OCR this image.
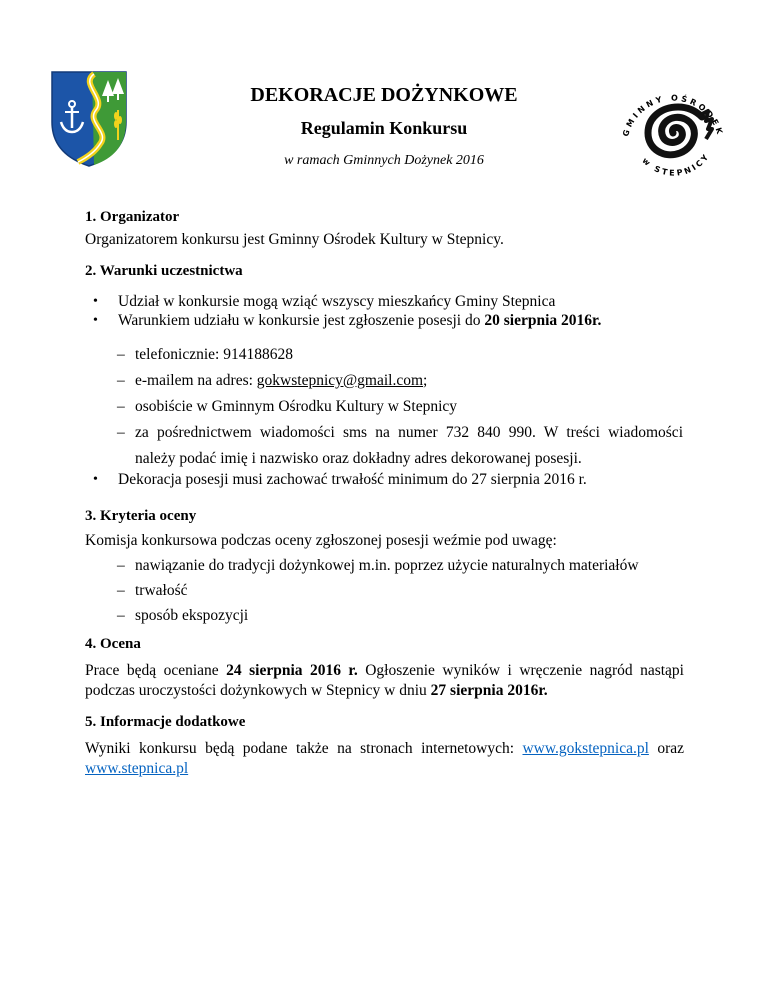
GMINNY OŚRODEK
w STEPNICY
DEKORACJE DOŻYNKOWE
Regulamin Konkursu

w ramach Gminnych Dożynek 2016

1. Organizator
Organizatorem konkursu jest Gminny Ośrodek Kultury w Stepnicy.
2. Warunki uczestnictwa
• Udział w konkursie mogą wziąć wszyscy mieszkańcy Gminy Stepnica
• Warunkiem udziału w konkursie jest zgłoszenie posesji do 20 sierpnia 2016r.
– telefonicznie: 914188628
– e-mailem na adres: gokwstepnicy@gmail.com;
– osobiście w Gminnym Ośrodku Kultury w Stepnicy
– za pośrednictwem wiadomości sms na numer 732 840 990. W treści wiadomości
należy podać imię i nazwisko oraz dokładny adres dekorowanej posesji.
• Dekoracja posesji musi zachować trwałość minimum do 27 sierpnia 2016 r.
3. Kryteria oceny
Komisja konkursowa podczas oceny zgłoszonej posesji weźmie pod uwagę:
– nawiązanie do tradycji dożynkowej m.in. poprzez użycie naturalnych materiałów
– trwałość
– sposób ekspozycji
4. Ocena
Prace będą oceniane 24 sierpnia 2016 r. Ogłoszenie wyników i wręczenie nagród nastąpi
podczas uroczystości dożynkowych w Stepnicy w dniu 27 sierpnia 2016r.
5. Informacje dodatkowe
Wyniki konkursu będą podane także na stronach internetowych: www.gokstepnica.pl oraz
www.stepnica.pl
